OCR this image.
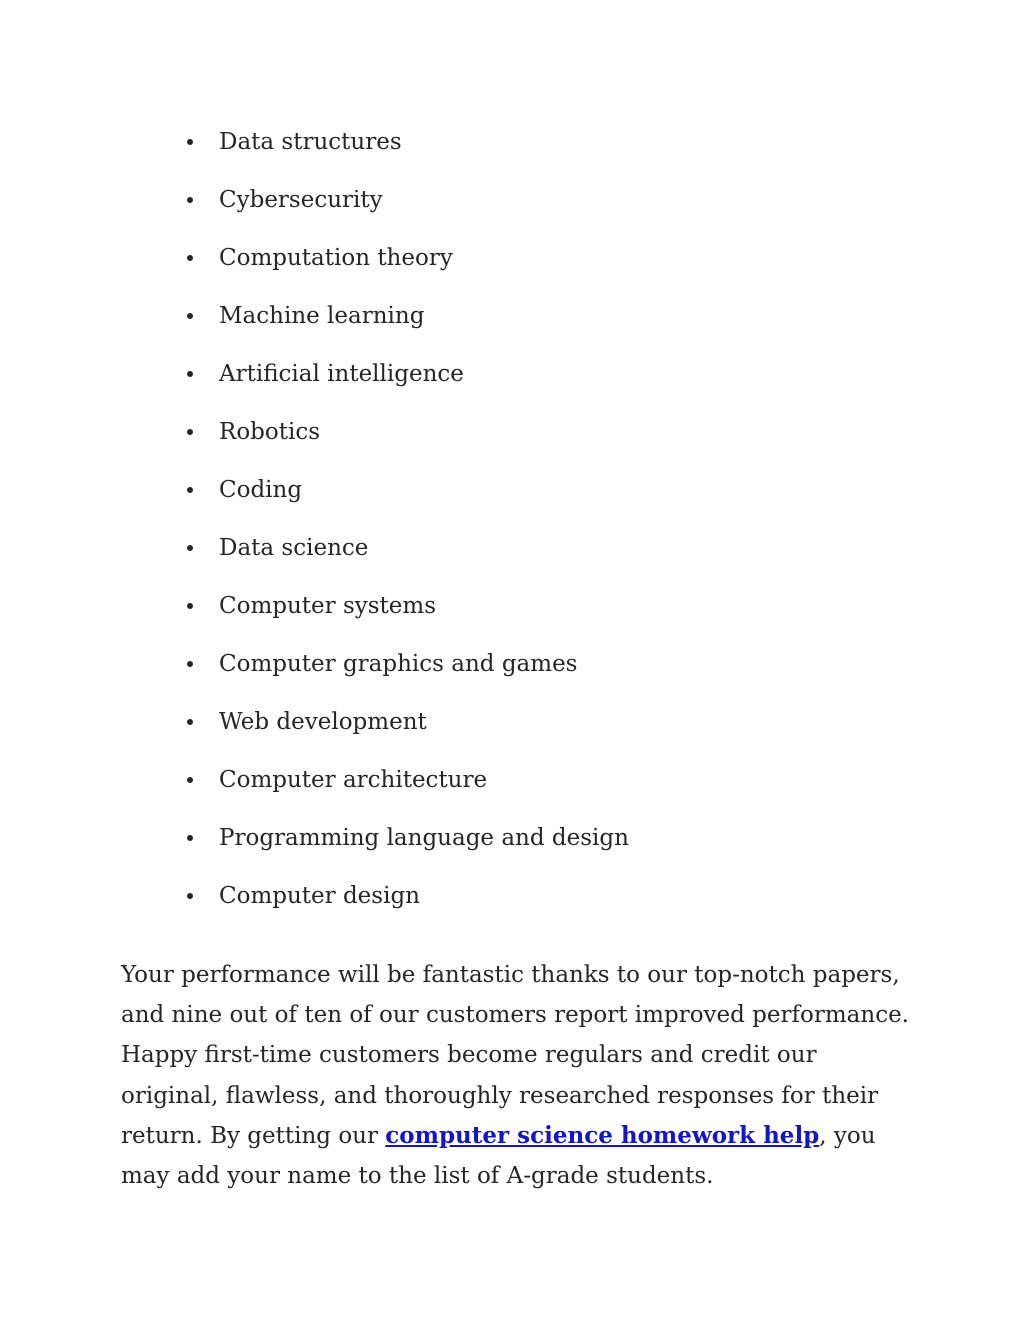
Data structures
Cybersecurity
Computation theory
Machine learning
Artificial intelligence
Robotics
Coding
Data science
Computer systems
Computer graphics and games
Web development
Computer architecture
Programming language and design
Computer design

Your performance will be fantastic thanks to our top-notch papers, and nine out of ten of our customers report improved performance. Happy first-time customers become regulars and credit our original, flawless, and thoroughly researched responses for their return. By getting our computer science homework help, you may add your name to the list of A-grade students.
